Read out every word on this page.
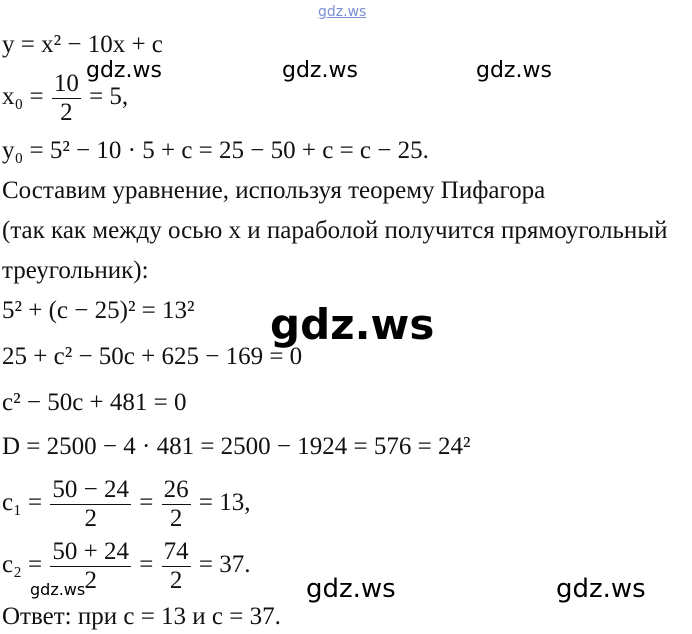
gdz.ws
y = x² − 10x + c
gdz.ws	gdz.ws	gdz.ws
$x_0 = \frac{10}{2} = 5$,
y₀ = 5² − 10 · 5 + c = 25 − 50 + c = c − 25.
Составим уравнение, используя теорему Пифагора
(так как между осью x и параболой получится прямоугольный
треугольник):
5² + (c − 25)² = 13² gdz.ws
25 + c² − 50c + 625 − 169 = 0
c² − 50c + 481 = 0
D = 2500 − 4 · 481 = 2500 − 1924 = 576 = 24²
$c_1 = \frac{50 - 24}{2} = \frac{26}{2} = 13$,
$c_2 = \frac{50 + 24}{2} = \frac{74}{2} = 37$.
gdz.ws	gdz.ws	gdz.ws
Ответ: при c = 13 и c = 37.
